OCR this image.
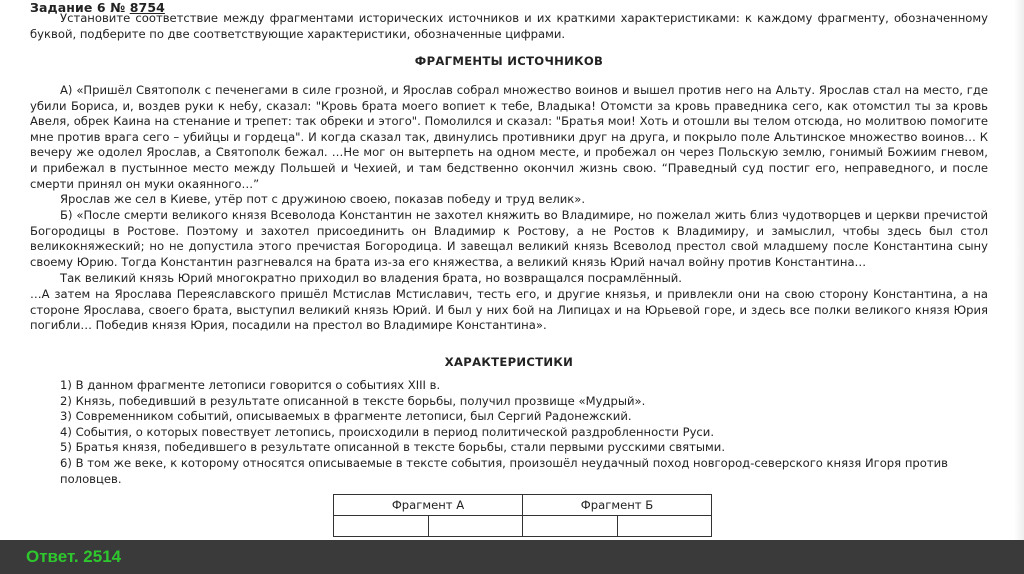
Задание 6 № 8754

Установите соответствие между фрагментами исторических источников и их краткими характеристиками: к каждому фрагменту, обозначенному буквой, подберите по две соответствующие характеристики, обозначенные цифрами.

ФРАГМЕНТЫ ИСТОЧНИКОВ

А) «Пришёл Святополк с печенегами в силе грозной, и Ярослав собрал множество воинов и вышел против него на Альту. Ярослав стал на место, где убили Бориса, и, воздев руки к небу, сказал: "Кровь брата моего вопиет к тебе, Владыка! Отомсти за кровь праведника сего, как отомстил ты за кровь Авеля, обрек Каина на стенание и трепет: так обреки и этого". Помолился и сказал: "Братья мои! Хоть и отошли вы телом отсюда, но молитвою помогите мне против врага сего – убийцы и гордеца". И когда сказал так, двинулись противники друг на друга, и покрыло поле Альтинское множество воинов… К вечеру же одолел Ярослав, а Святополк бежал. …Не мог он вытерпеть на одном месте, и пробежал он через Польскую землю, гонимый Божиим гневом, и прибежал в пустынное место между Польшей и Чехией, и там бедственно окончил жизнь свою. “Праведный суд постиг его, неправедного, и после смерти принял он муки окаянного…”

Ярослав же сел в Киеве, утёр пот с дружиною своею, показав победу и труд велик».

Б) «После смерти великого князя Всеволода Константин не захотел княжить во Владимире, но пожелал жить близ чудотворцев и церкви пречистой Богородицы в Ростове. Поэтому и захотел присоединить он Владимир к Ростову, а не Ростов к Владимиру, и замыслил, чтобы здесь был стол великокняжеский; но не допустила этого пречистая Богородица. И завещал великий князь Всеволод престол свой младшему после Константина сыну своему Юрию. Тогда Константин разгневался на брата из-за его княжества, а великий князь Юрий начал войну против Константина…

Так великий князь Юрий многократно приходил во владения брата, но возвращался посрамлённый.

…А затем на Ярослава Переяславского пришёл Мстислав Мстиславич, тесть его, и другие князья, и привлекли они на свою сторону Константина, а на стороне Ярослава, своего брата, выступил великий князь Юрий. И был у них бой на Липицах и на Юрьевой горе, и здесь все полки великого князя Юрия погибли… Победив князя Юрия, посадили на престол во Владимире Константина».

ХАРАКТЕРИСТИКИ
1) В данном фрагменте летописи говорится о событиях XIII в.
2) Князь, победивший в результате описанной в тексте борьбы, получил прозвище «Мудрый».
3) Современником событий, описываемых в фрагменте летописи, был Сергий Радонежский.
4) События, о которых повествует летопись, происходили в период политической раздробленности Руси.
5) Братья князя, победившего в результате описанной в тексте борьбы, стали первыми русскими святыми.
6) В том же веке, к которому относятся описываемые в тексте события, произошёл неудачный поход новгород-северского князя Игоря против половцев.
Фрагмент А		Фрагмент Б	

Ответ. 2514
